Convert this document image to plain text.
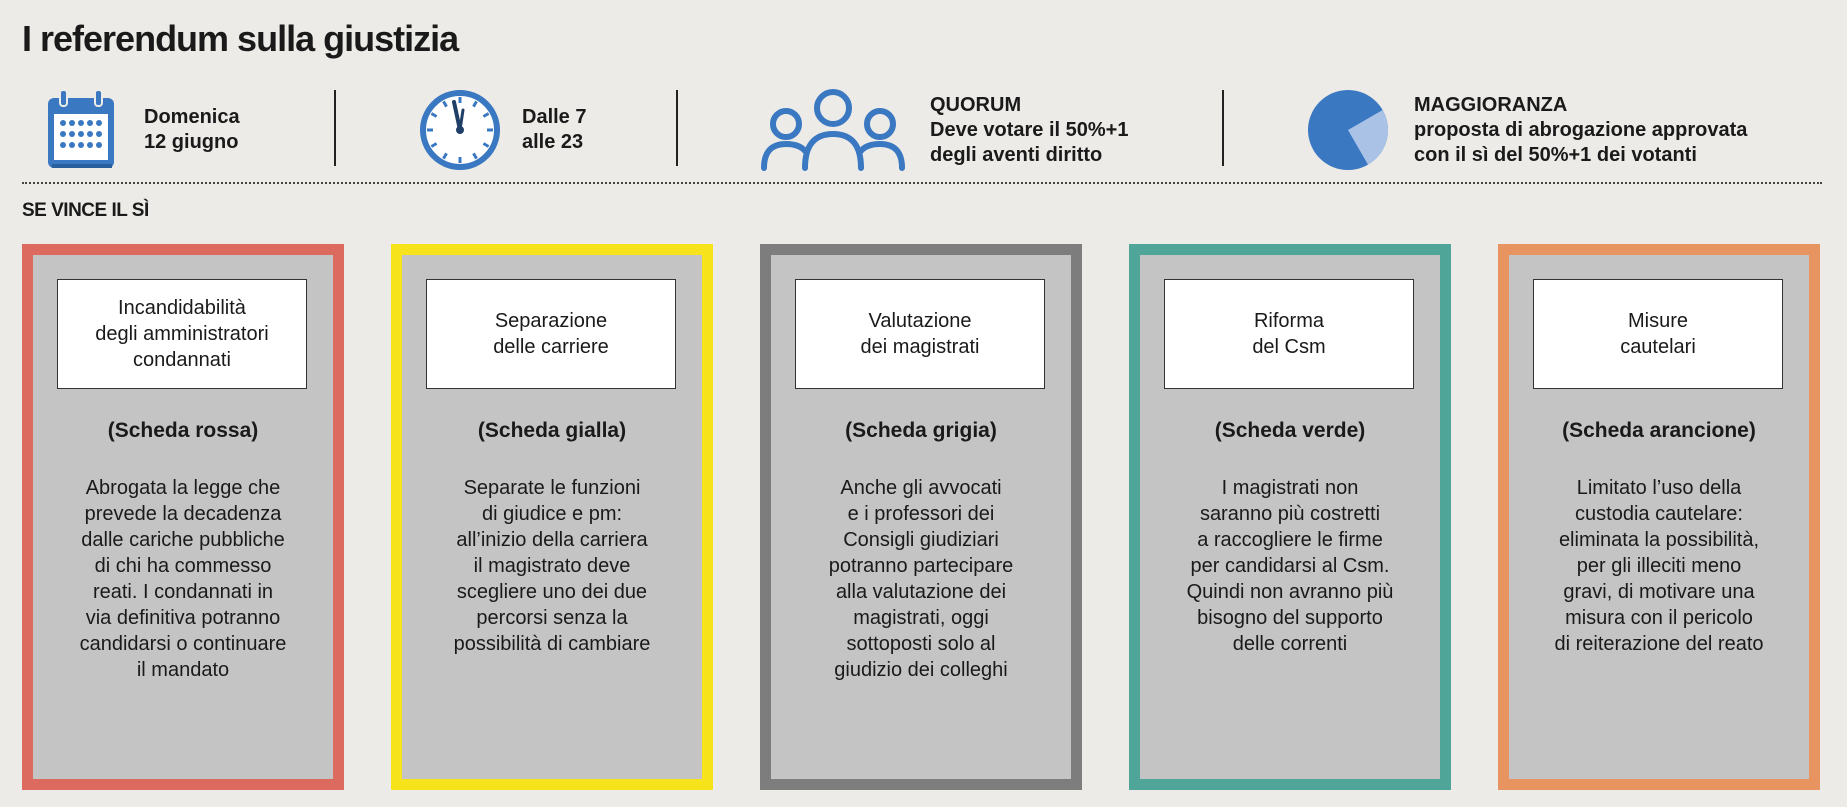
I referendum sulla giustizia
Domenica
12 giugno
Dalle 7
alle 23
QUORUM
Deve votare il 50%+1
degli aventi diritto
MAGGIORANZA
proposta di abrogazione approvata
con il sì del 50%+1 dei votanti
SE VINCE IL SÌ
Incandidabilità
degli amministratori
condannati
(Scheda rossa)
Abrogata la legge che
prevede la decadenza
dalle cariche pubbliche
di chi ha commesso
reati. I condannati in
via definitiva potranno
candidarsi o continuare
il mandato
Separazione
delle carriere
(Scheda gialla)
Separate le funzioni
di giudice e pm:
all’inizio della carriera
il magistrato deve
scegliere uno dei due
percorsi senza la
possibilità di cambiare
Valutazione
dei magistrati
(Scheda grigia)
Anche gli avvocati
e i professori dei
Consigli giudiziari
potranno partecipare
alla valutazione dei
magistrati, oggi
sottoposti solo al
giudizio dei colleghi
Riforma
del Csm
(Scheda verde)
I magistrati non
saranno più costretti
a raccogliere le firme
per candidarsi al Csm.
Quindi non avranno più
bisogno del supporto
delle correnti
Misure
cautelari
(Scheda arancione)
Limitato l’uso della
custodia cautelare:
eliminata la possibilità,
per gli illeciti meno
gravi, di motivare una
misura con il pericolo
di reiterazione del reato
